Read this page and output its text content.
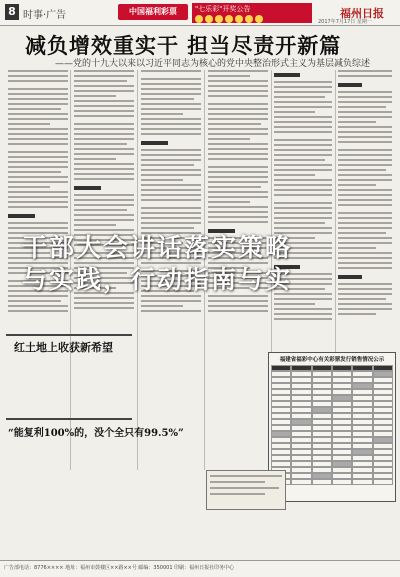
8 时事·广告	中国福利彩票	"七乐彩"开奖公告	福州日报
2017年7月17日 星期一
减负增效重实干 担当尽责开新篇
——党的十九大以来以习近平同志为核心的党中央整治形式主义为基层减负综述
红土地上收获新希望
“能复利100%的，没个全只有99.5%”
福建省福彩中心有关彩票发行销售情况公示
广告部电话：8776×××× 地址：福州市鼓楼区××路××号 邮编：350001 印刷：福州日报社印务中心
干部大会讲话落实策略
与实践，行动指南与实
